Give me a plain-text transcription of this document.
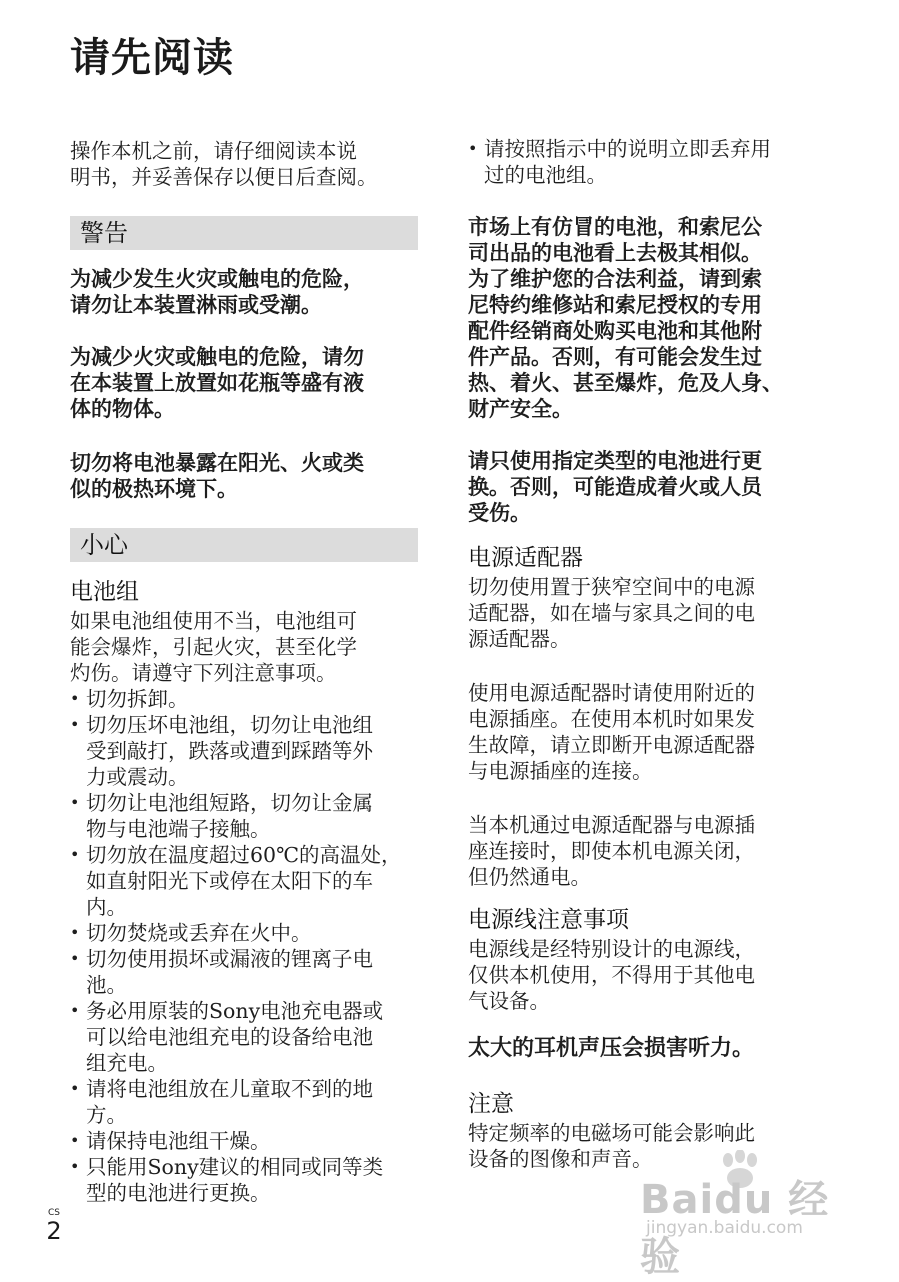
请先阅读

操作本机之前，请仔细阅读本说

明书，并妥善保存以便日后查阅。

警告

为减少发生火灾或触电的危险，

请勿让本装置淋雨或受潮。

为减少火灾或触电的危险，请勿

在本装置上放置如花瓶等盛有液

体的物体。

切勿将电池暴露在阳光、火或类

似的极热环境下。

小心

电池组

如果电池组使用不当，电池组可

能会爆炸，引起火灾，甚至化学

灼伤。请遵守下列注意事项。

• 切勿拆卸。
• 切勿压坏电池组，切勿让电池组
受到敲打，跌落或遭到踩踏等外
力或震动。
• 切勿让电池组短路，切勿让金属
物与电池端子接触。
• 切勿放在温度超过60℃的高温处，
如直射阳光下或停在太阳下的车
内。
• 切勿焚烧或丢弃在火中。
• 切勿使用损坏或漏液的锂离子电
池。
• 务必用原装的Sony电池充电器或
可以给电池组充电的设备给电池
组充电。
• 请将电池组放在儿童取不到的地
方。
• 请保持电池组干燥。
• 只能用Sony建议的相同或同等类
型的电池进行更换。
• 请按照指示中的说明立即丢弃用
过的电池组。

市场上有仿冒的电池，和索尼公

司出品的电池看上去极其相似。

为了维护您的合法利益，请到索

尼特约维修站和索尼授权的专用

配件经销商处购买电池和其他附

件产品。否则，有可能会发生过

热、着火、甚至爆炸，危及人身、

财产安全。

请只使用指定类型的电池进行更

换。否则，可能造成着火或人员

受伤。

电源适配器

切勿使用置于狭窄空间中的电源

适配器，如在墙与家具之间的电

源适配器。

使用电源适配器时请使用附近的

电源插座。在使用本机时如果发

生故障，请立即断开电源适配器

与电源插座的连接。

当本机通过电源适配器与电源插

座连接时，即使本机电源关闭，

但仍然通电。

电源线注意事项

电源线是经特别设计的电源线，

仅供本机使用，不得用于其他电

气设备。

太大的耳机声压会损害听力。

注意

特定频率的电磁场可能会影响此

设备的图像和声音。

CS
2
Baidu 经验
jingyan.baidu.com
